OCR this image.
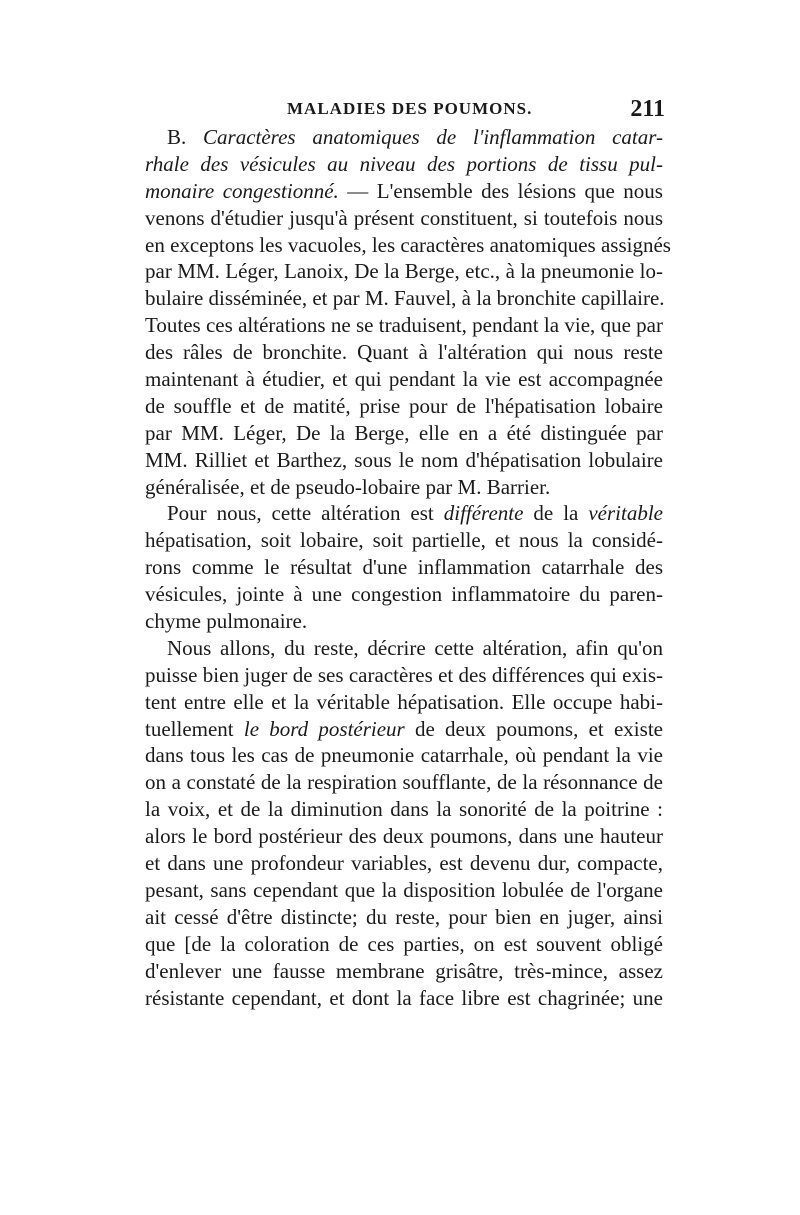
MALADIES DES POUMONS.	211
B. Caractères anatomiques de l'inflammation catar-
rhale des vésicules au niveau des portions de tissu pul-
monaire congestionné. — L'ensemble des lésions que nous
venons d'étudier jusqu'à présent constituent, si toutefois nous
en exceptons les vacuoles, les caractères anatomiques assignés
par MM. Léger, Lanoix, De la Berge, etc., à la pneumonie lo-
bulaire disséminée, et par M. Fauvel, à la bronchite capillaire.
Toutes ces altérations ne se traduisent, pendant la vie, que par
des râles de bronchite. Quant à l'altération qui nous reste
maintenant à étudier, et qui pendant la vie est accompagnée
de souffle et de matité, prise pour de l'hépatisation lobaire
par MM. Léger, De la Berge, elle en a été distinguée par
MM. Rilliet et Barthez, sous le nom d'hépatisation lobulaire
généralisée, et de pseudo-lobaire par M. Barrier.
Pour nous, cette altération est différente de la véritable
hépatisation, soit lobaire, soit partielle, et nous la considé-
rons comme le résultat d'une inflammation catarrhale des
vésicules, jointe à une congestion inflammatoire du paren-
chyme pulmonaire.
Nous allons, du reste, décrire cette altération, afin qu'on
puisse bien juger de ses caractères et des différences qui exis-
tent entre elle et la véritable hépatisation. Elle occupe habi-
tuellement le bord postérieur de deux poumons, et existe
dans tous les cas de pneumonie catarrhale, où pendant la vie
on a constaté de la respiration soufflante, de la résonnance de
la voix, et de la diminution dans la sonorité de la poitrine :
alors le bord postérieur des deux poumons, dans une hauteur
et dans une profondeur variables, est devenu dur, compacte,
pesant, sans cependant que la disposition lobulée de l'organe
ait cessé d'être distincte; du reste, pour bien en juger, ainsi
que [de la coloration de ces parties, on est souvent obligé
d'enlever une fausse membrane grisâtre, très-mince, assez
résistante cependant, et dont la face libre est chagrinée; une
